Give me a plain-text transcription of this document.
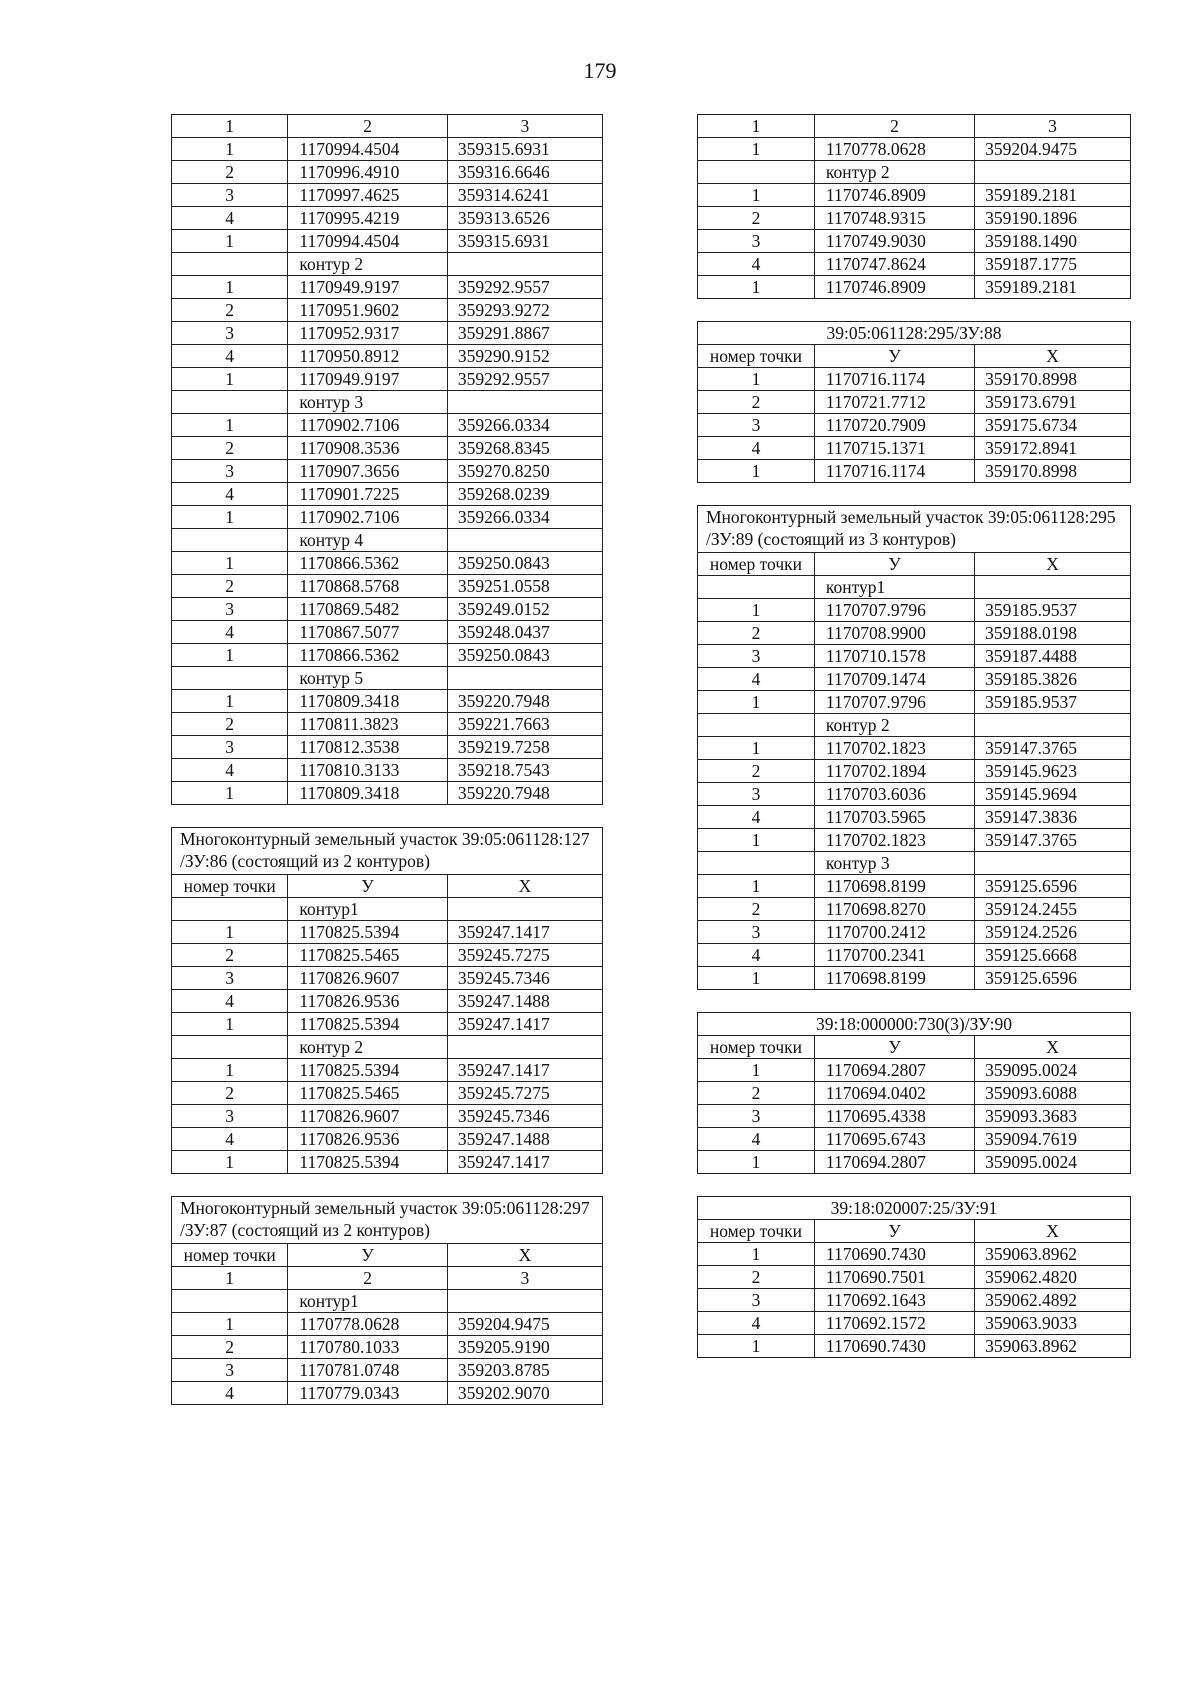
179
1	2	3
1	1170994.4504	359315.6931
2	1170996.4910	359316.6646
3	1170997.4625	359314.6241
4	1170995.4219	359313.6526
1	1170994.4504	359315.6931
	контур 2	
1	1170949.9197	359292.9557
2	1170951.9602	359293.9272
3	1170952.9317	359291.8867
4	1170950.8912	359290.9152
1	1170949.9197	359292.9557
	контур 3	
1	1170902.7106	359266.0334
2	1170908.3536	359268.8345
3	1170907.3656	359270.8250
4	1170901.7225	359268.0239
1	1170902.7106	359266.0334
	контур 4	
1	1170866.5362	359250.0843
2	1170868.5768	359251.0558
3	1170869.5482	359249.0152
4	1170867.5077	359248.0437
1	1170866.5362	359250.0843
	контур 5	
1	1170809.3418	359220.7948
2	1170811.3823	359221.7663
3	1170812.3538	359219.7258
4	1170810.3133	359218.7543
1	1170809.3418	359220.7948
Многоконтурный земельный участок 39:05:061128:127 /ЗУ:86 (состоящий из 2 контуров)		
номер точки	У	Х
	контур1	
1	1170825.5394	359247.1417
2	1170825.5465	359245.7275
3	1170826.9607	359245.7346
4	1170826.9536	359247.1488
1	1170825.5394	359247.1417
	контур 2	
1	1170825.5394	359247.1417
2	1170825.5465	359245.7275
3	1170826.9607	359245.7346
4	1170826.9536	359247.1488
1	1170825.5394	359247.1417
Многоконтурный земельный участок 39:05:061128:297 /ЗУ:87 (состоящий из 2 контуров)		
номер точки	У	Х
1	2	3
	контур1	
1	1170778.0628	359204.9475
2	1170780.1033	359205.9190
3	1170781.0748	359203.8785
4	1170779.0343	359202.9070
1	2	3
1	1170778.0628	359204.9475
	контур 2	
1	1170746.8909	359189.2181
2	1170748.9315	359190.1896
3	1170749.9030	359188.1490
4	1170747.8624	359187.1775
1	1170746.8909	359189.2181
39:05:061128:295/ЗУ:88		
номер точки	У	Х
1	1170716.1174	359170.8998
2	1170721.7712	359173.6791
3	1170720.7909	359175.6734
4	1170715.1371	359172.8941
1	1170716.1174	359170.8998
Многоконтурный земельный участок 39:05:061128:295 /ЗУ:89 (состоящий из 3 контуров)		
номер точки	У	Х
	контур1	
1	1170707.9796	359185.9537
2	1170708.9900	359188.0198
3	1170710.1578	359187.4488
4	1170709.1474	359185.3826
1	1170707.9796	359185.9537
	контур 2	
1	1170702.1823	359147.3765
2	1170702.1894	359145.9623
3	1170703.6036	359145.9694
4	1170703.5965	359147.3836
1	1170702.1823	359147.3765
	контур 3	
1	1170698.8199	359125.6596
2	1170698.8270	359124.2455
3	1170700.2412	359124.2526
4	1170700.2341	359125.6668
1	1170698.8199	359125.6596
39:18:000000:730(3)/ЗУ:90		
номер точки	У	Х
1	1170694.2807	359095.0024
2	1170694.0402	359093.6088
3	1170695.4338	359093.3683
4	1170695.6743	359094.7619
1	1170694.2807	359095.0024
39:18:020007:25/ЗУ:91		
номер точки	У	Х
1	1170690.7430	359063.8962
2	1170690.7501	359062.4820
3	1170692.1643	359062.4892
4	1170692.1572	359063.9033
1	1170690.7430	359063.8962
